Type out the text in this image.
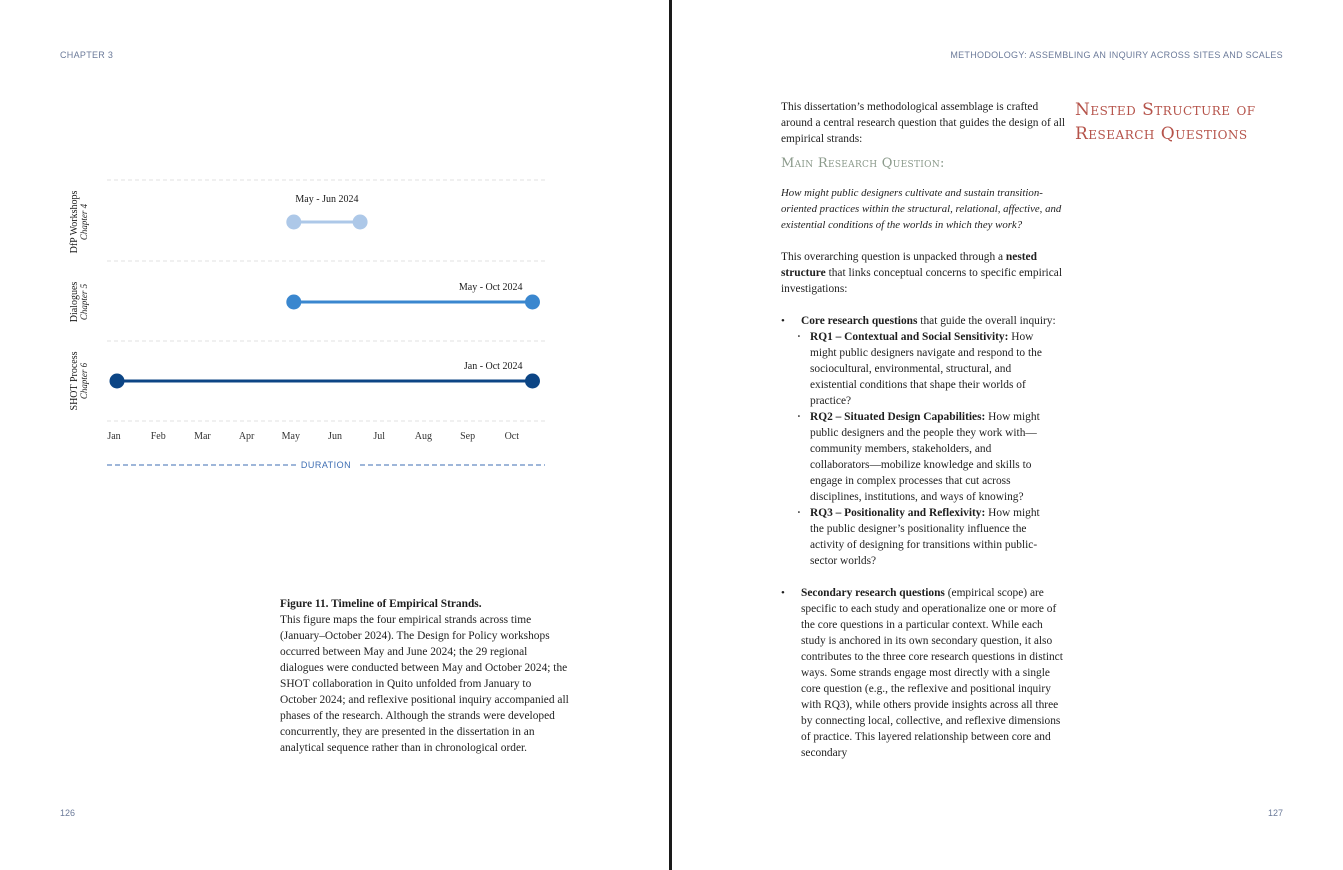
CHAPTER 3
May - Jun 2024
DfP Workshops Chapter 4
May - Oct 2024
Dialogues Chapter 5
Jan - Oct 2024
SHOT Process Chapter 6
Jan	Feb	Mar	Apr	May	Jun	Jul	Aug	Sep	Oct
DURATION
Figure 11. Timeline of Empirical Strands.
This figure maps the four empirical strands across time (January–October 2024). The Design for Policy workshops occurred between May and June 2024; the 29 regional dialogues were conducted between May and October 2024; the SHOT collaboration in Quito unfolded from January to October 2024; and reflexive positional inquiry accompanied all phases of the research. Although the strands were developed concurrently, they are presented in the dissertation in an analytical sequence rather than in chronological order.
126
METHODOLOGY: ASSEMBLING AN INQUIRY ACROSS SITES AND SCALES
Nested Structure of Research Questions

This dissertation’s methodological assemblage is crafted around a central research question that guides the design of all empirical strands:

Main Research Question:
How might public designers cultivate and sustain transition-oriented practices within the structural, relational, affective, and existential conditions of the worlds in which they work?

This overarching question is unpacked through a nested structure that links conceptual concerns to specific empirical investigations:

• Core research questions that guide the overall inquiry:
· RQ1 – Contextual and Social Sensitivity: How might public designers navigate and respond to the sociocultural, environmental, structural, and existential conditions that shape their worlds of practice?
· RQ2 – Situated Design Capabilities: How might public designers and the people they work with—community members, stakeholders, and collaborators—mobilize knowledge and skills to engage in complex processes that cut across disciplines, institutions, and ways of knowing?
· RQ3 – Positionality and Reflexivity: How might the public designer’s positionality influence the activity of designing for transitions within public-sector worlds?
• Secondary research questions (empirical scope) are specific to each study and operationalize one or more of the core questions in a particular context. While each study is anchored in its own secondary question, it also contributes to the three core research questions in distinct ways. Some strands engage most directly with a single core question (e.g., the reflexive and positional inquiry with RQ3), while others provide insights across all three by connecting local, collective, and reflexive dimensions of practice. This layered relationship between core and secondary
127
